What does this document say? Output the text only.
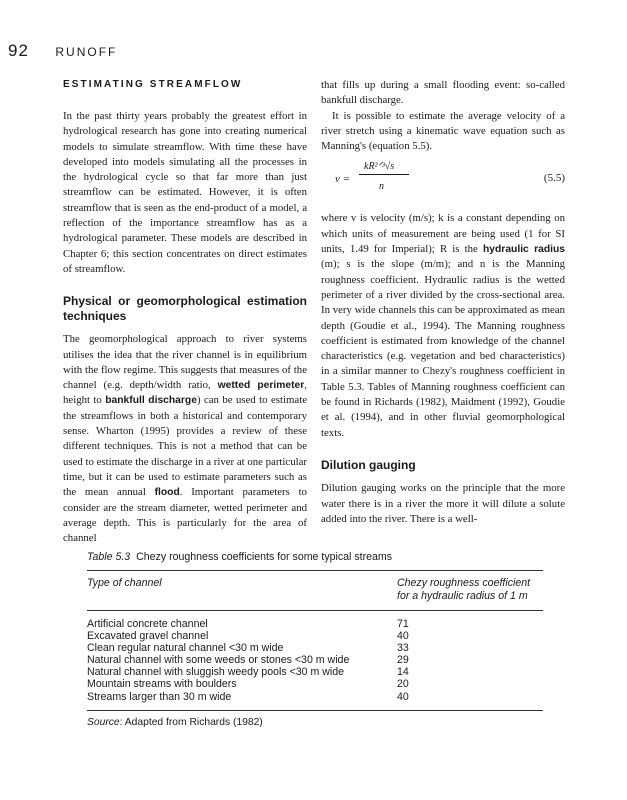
92 RUNOFF
ESTIMATING STREAMFLOW

In the past thirty years probably the greatest effort in hydrological research has gone into creating numerical models to simulate streamflow. With time these have developed into models simulating all the processes in the hydrological cycle so that far more than just streamflow can be estimated. However, it is often streamflow that is seen as the end-product of a model, a reflection of the importance streamflow has as a hydrological parameter. These models are described in Chapter 6; this section concentrates on direct estimates of streamflow.

Physical or geomorphological estimation techniques

The geomorphological approach to river systems utilises the idea that the river channel is in equilibrium with the flow regime. This suggests that measures of the channel (e.g. depth/width ratio, wetted perimeter, height to bankfull discharge) can be used to estimate the streamflows in both a historical and contemporary sense. Wharton (1995) provides a review of these different techniques. This is not a method that can be used to estimate the discharge in a river at one particular time, but it can be used to estimate parameters such as the mean annual flood. Important parameters to consider are the stream diameter, wetted perimeter and average depth. This is particularly for the area of channel

that fills up during a small flooding event: so-called bankfull discharge.

It is possible to estimate the average velocity of a river stretch using a kinematic wave equation such as Manning's (equation 5.5).

v =
kR²ᐟ³√s
n
(5.5)

where v is velocity (m/s); k is a constant depending on which units of measurement are being used (1 for SI units, 1.49 for Imperial); R is the hydraulic radius (m); s is the slope (m/m); and n is the Manning roughness coefficient. Hydraulic radius is the wetted perimeter of a river divided by the cross-sectional area. In very wide channels this can be approximated as mean depth (Goudie et al., 1994). The Manning roughness coefficient is estimated from knowledge of the channel characteristics (e.g. vegetation and bed characteristics) in a similar manner to Chezy's roughness coefficient in Table 5.3. Tables of Manning roughness coefficient can be found in Richards (1982), Maidment (1992), Goudie et al. (1994), and in other fluvial geomorphological texts.

Dilution gauging

Dilution gauging works on the principle that the more water there is in a river the more it will dilute a solute added into the river. There is a well-

Table 5.3 Chezy roughness coefficients for some typical streams
Type of channel	Chezy roughness coefficient
for a hydraulic radius of 1 m
Artificial concrete channel	71
Excavated gravel channel	40
Clean regular natural channel <30 m wide	33
Natural channel with some weeds or stones <30 m wide	29
Natural channel with sluggish weedy pools <30 m wide	14
Mountain streams with boulders	20
Streams larger than 30 m wide	40
Source: Adapted from Richards (1982)
